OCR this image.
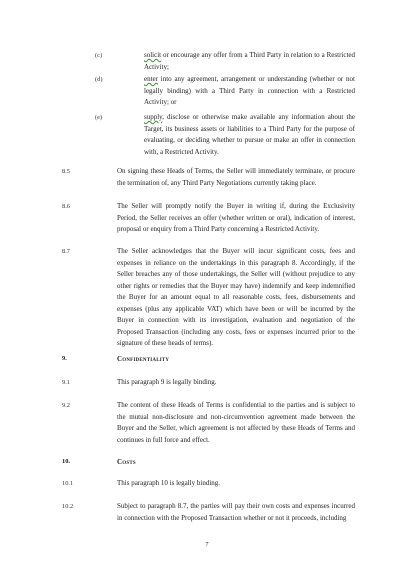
(c)	solicit or encourage any offer from a Third Party in relation to a Restricted Activity;
(d)	enter into any agreement, arrangement or understanding (whether or not legally binding) with a Third Party in connection with a Restricted Activity; or
(e)	supply, disclose or otherwise make available any information about the Target, its business assets or liabilities to a Third Party for the purpose of evaluating, or deciding whether to pursue or make an offer in connection with, a Restricted Activity.
8.5	On signing these Heads of Terms, the Seller will immediately terminate, or procure the termination of, any Third Party Negotiations currently taking place.
8.6	The Seller will promptly notify the Buyer in writing if, during the Exclusivity Period, the Seller receives an offer (whether written or oral), indication of interest, proposal or enquiry from a Third Party concerning a Restricted Activity.
8.7	The Seller acknowledges that the Buyer will incur significant costs, fees and expenses in reliance on the undertakings in this paragraph 8. Accordingly, if the Seller breaches any of those undertakings, the Seller will (without prejudice to any other rights or remedies that the Buyer may have) indemnify and keep indemnified the Buyer for an amount equal to all reasonable costs, fees, disbursements and expenses (plus any applicable VAT) which have been or will be incurred by the Buyer in connection with its investigation, evaluation and negotiation of the Proposed Transaction (including any costs, fees or expenses incurred prior to the signature of these heads of terms).
9.	Confidentiality
9.1	This paragraph 9 is legally binding.
9.2	The content of these Heads of Terms is confidential to the parties and is subject to the mutual non-disclosure and non-circumvention agreement made between the Buyer and the Seller, which agreement is not affected by these Heads of Terms and continues in full force and effect.
10.	Costs
10.1	This paragraph 10 is legally binding.
10.2	Subject to paragraph 8.7, the parties will pay their own costs and expenses incurred in connection with the Proposed Transaction whether or not it proceeds, including
7
